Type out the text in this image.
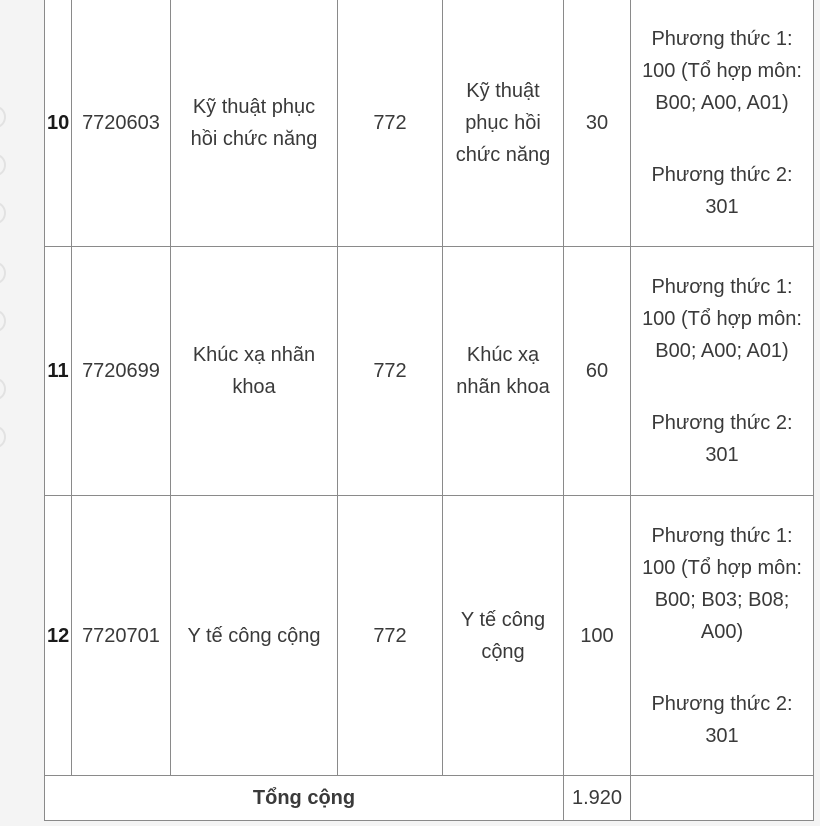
10	7720603	Kỹ thuật phục hồi chức năng	772	Kỹ thuật phục hồi chức năng	30	Phương thức 1: 100 (Tổ hợp môn: B00; A00, A01)
Phương thức 2: 301

11	7720699	Khúc xạ nhãn khoa	772	Khúc xạ nhãn khoa	60	Phương thức 1: 100 (Tổ hợp môn: B00; A00; A01)
Phương thức 2: 301

12	7720701	Y tế công cộng	772	Y tế công cộng	100	Phương thức 1: 100 (Tổ hợp môn: B00; B03; B08; A00)
Phương thức 2: 301

Tổng cộng					1.920	
